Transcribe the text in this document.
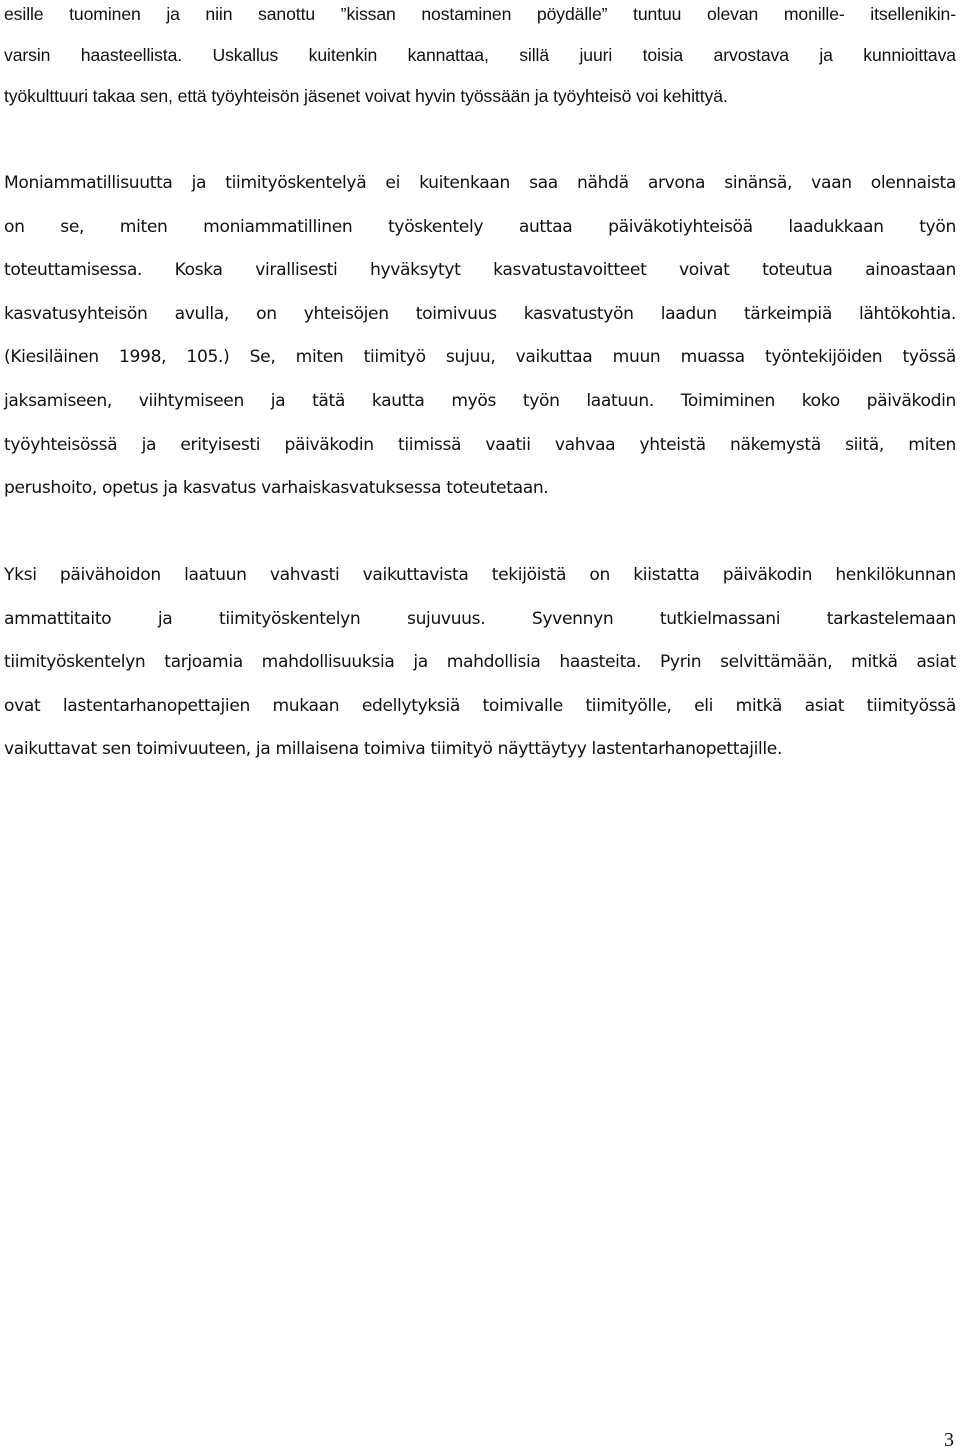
esille tuominen ja niin sanottu ”kissan nostaminen pöydälle” tuntuu olevan monille- itsellenikin-
varsin haasteellista. Uskallus kuitenkin kannattaa, sillä juuri toisia arvostava ja kunnioittava
työkulttuuri takaa sen, että työyhteisön jäsenet voivat hyvin työssään ja työyhteisö voi kehittyä.
Moniammatillisuutta ja tiimityöskentelyä ei kuitenkaan saa nähdä arvona sinänsä, vaan olennaista
on se, miten moniammatillinen työskentely auttaa päiväkotiyhteisöä laadukkaan työn
toteuttamisessa. Koska virallisesti hyväksytyt kasvatustavoitteet voivat toteutua ainoastaan
kasvatusyhteisön avulla, on yhteisöjen toimivuus kasvatustyön laadun tärkeimpiä lähtökohtia.
(Kiesiläinen 1998, 105.) Se, miten tiimityö sujuu, vaikuttaa muun muassa työntekijöiden työssä
jaksamiseen, viihtymiseen ja tätä kautta myös työn laatuun. Toimiminen koko päiväkodin
työyhteisössä ja erityisesti päiväkodin tiimissä vaatii vahvaa yhteistä näkemystä siitä, miten
perushoito, opetus ja kasvatus varhaiskasvatuksessa toteutetaan.
Yksi päivähoidon laatuun vahvasti vaikuttavista tekijöistä on kiistatta päiväkodin henkilökunnan
ammattitaito ja tiimityöskentelyn sujuvuus. Syvennyn tutkielmassani tarkastelemaan
tiimityöskentelyn tarjoamia mahdollisuuksia ja mahdollisia haasteita. Pyrin selvittämään, mitkä asiat
ovat lastentarhanopettajien mukaan edellytyksiä toimivalle tiimityölle, eli mitkä asiat tiimityössä
vaikuttavat sen toimivuuteen, ja millaisena toimiva tiimityö näyttäytyy lastentarhanopettajille.
3
